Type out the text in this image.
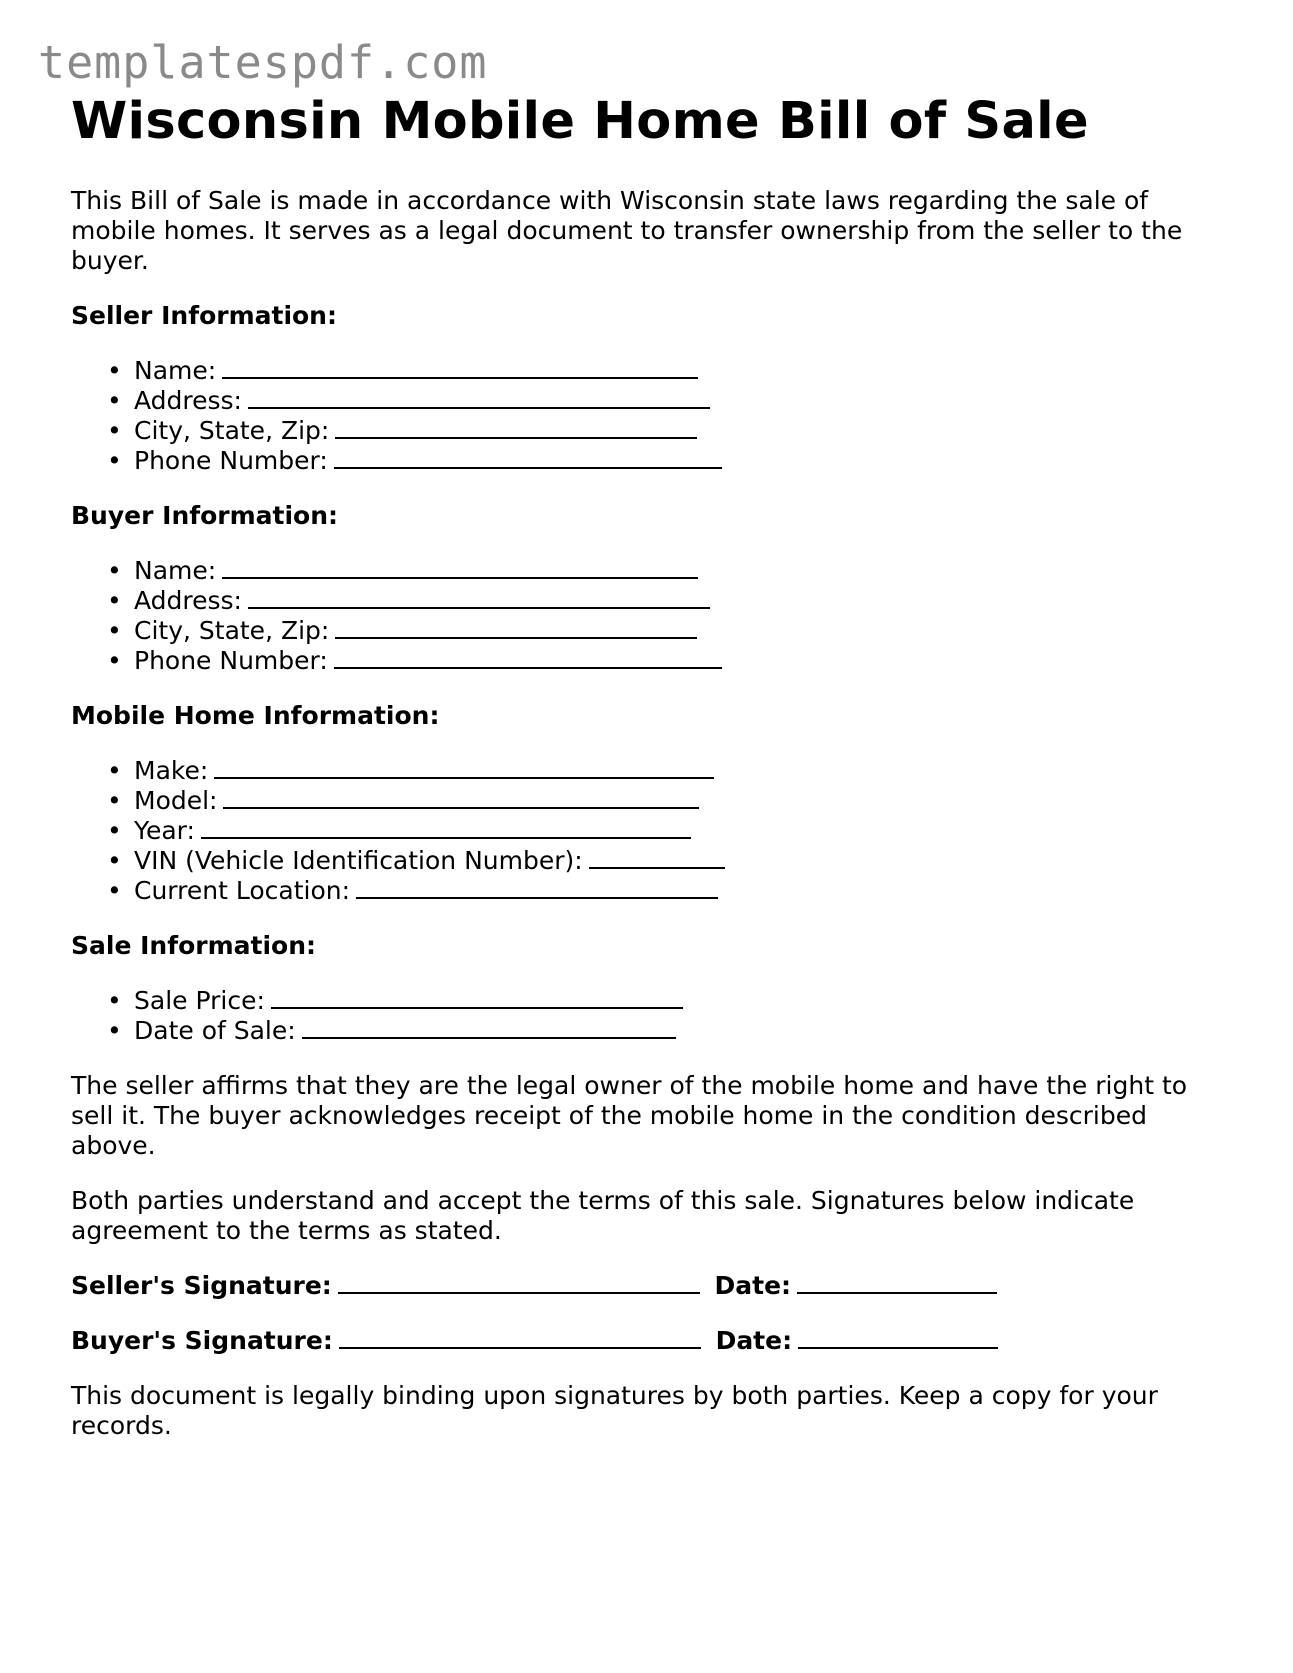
templatespdf.com
Wisconsin Mobile Home Bill of Sale

This Bill of Sale is made in accordance with Wisconsin state laws regarding the sale of mobile homes. It serves as a legal document to transfer ownership from the seller to the buyer.

Seller Information:
• Name:
• Address:
• City, State, Zip:
• Phone Number:
Buyer Information:
• Name:
• Address:
• City, State, Zip:
• Phone Number:
Mobile Home Information:
• Make:
• Model:
• Year:
• VIN (Vehicle Identification Number):
• Current Location:
Sale Information:
• Sale Price:
• Date of Sale:

The seller affirms that they are the legal owner of the mobile home and have the right to sell it. The buyer acknowledges receipt of the mobile home in the condition described above.

Both parties understand and accept the terms of this sale. Signatures below indicate agreement to the terms as stated.

Seller's Signature:	Date:
Buyer's Signature:	Date:

This document is legally binding upon signatures by both parties. Keep a copy for your records.
